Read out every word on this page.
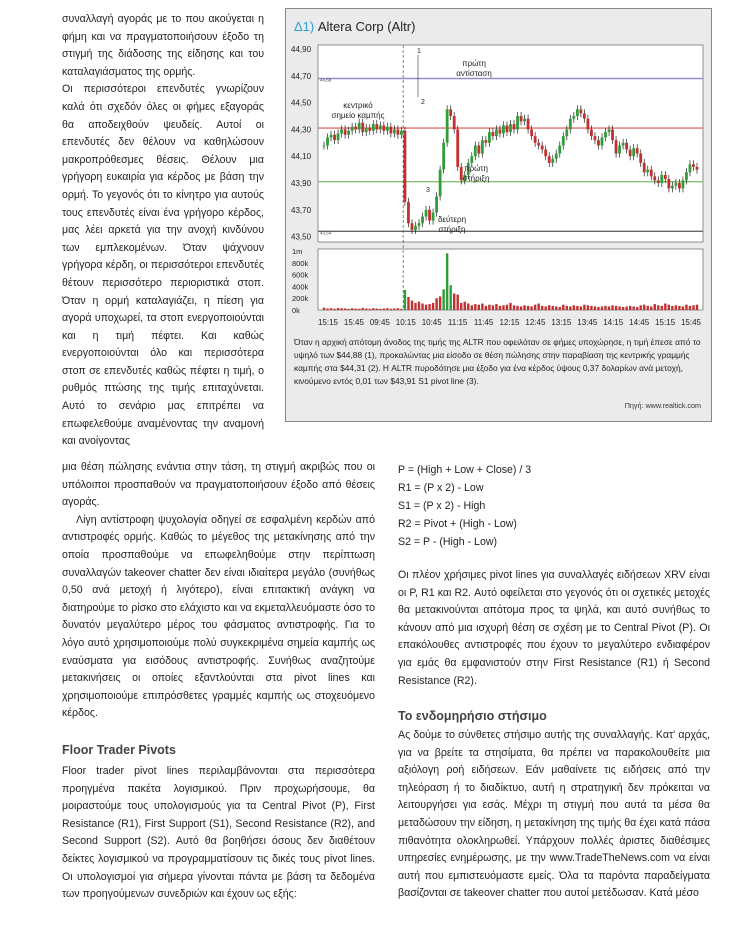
συναλλαγή αγοράς με το που ακούγεται η φήμη και να πραγματοποιήσουν έξοδο τη στιγμή της διάδοσης της είδησης και του καταλαγιάσματος της ορμής.

Οι περισσότεροι επενδυτές γνωρίζουν καλά ότι σχεδόν όλες οι φήμες εξαγοράς θα αποδειχθούν ψευδείς. Αυτοί οι επενδυτές δεν θέλουν να καθηλώσουν μακροπρόθεσμες θέσεις. Θέλουν μια γρήγορη ευκαιρία για κέρδος με βάση την ορμή. Το γεγονός ότι το κίνητρο για αυτούς τους επενδυτές είναι ένα γρήγορο κέρδος, μας λέει αρκετά για την ανοχή κινδύνου των εμπλεκομένων. Όταν ψάχνουν γρήγορα κέρδη, οι περισσότεροι επενδυτές θέτουν περισσότερο περιοριστικά στοπ. Όταν η ορμή καταλαγιάζει, η πίεση για αγορά υποχωρεί, τα στοπ ενεργοποιούνται και η τιμή πέφτει. Και καθώς ενεργοποιούνται όλο και περισσότερα στοπ σε επενδυτές καθώς πέφτει η τιμή, ο ρυθμός πτώσης της τιμής επιταχύνεται. Αυτό το σενάριο μας επιτρέπει να επωφελεθούμε αναμένοντας την αναμονή και ανοίγοντας

μια θέση πώλησης ενάντια στην τάση, τη στιγμή ακριβώς που οι υπόλοιποι προσπαθούν να πραγματοποιήσουν έξοδο από θέσεις αγοράς.

Λίγη αντίστροφη ψυχολογία οδηγεί σε εσφαλμένη κερδών από αντιστροφές ορμής. Καθώς το μέγεθος της μετακίνησης από την οποία προσπαθούμε να επωφεληθούμε στην περίπτωση συναλλαγών takeover chatter δεν είναι ιδιαίτερα μεγάλο (συνήθως 0,50 ανά μετοχή ή λιγότερο), είναι επιτακτική ανάγκη να διατηρούμε το ρίσκο στο ελάχιστο και να εκμεταλλευόμαστε όσο το δυνατόν μεγαλύτερο μέρος του φάσματος αντιστροφής. Για το λόγο αυτό χρησιμοποιούμε πολύ συγκεκριμένα σημεία καμπής ως εναύσματα για εισόδους αντιστροφής. Συνήθως αναζητούμε μετακινήσεις οι οποίες εξαντλούνται στα pivot lines και χρησιμοποιούμε επιπρόσθετες γραμμές καμπής ως στοχευόμενο κέρδος.

Floor Trader Pivots
Floor trader pivot lines περιλαμβάνονται στα περισσότερα προηγμένα πακέτα λογισμικού. Πριν προχωρήσουμε, θα μοιραστούμε τους υπολογισμούς για τα Central Pivot (P), First Resistance (R1), First Support (S1), Second Resistance (R2), and Second Support (S2). Αυτό θα βοηθήσει όσους δεν διαθέτουν δείκτες λογισμικού να προγραμματίσουν τις δικές τους pivot lines. Οι υπολογισμοί για σήμερα γίνονται πάντα με βάση τα δεδομένα των προηγούμενων συνεδριών και έχουν ως εξής:
P = (High + Low + Close) / 3
R1 = (P x 2) - Low
S1 = (P x 2) - High
R2 = Pivot + (High - Low)
S2 = P - (High - Low)
Οι πλέον χρήσιμες pivot lines για συναλλαγές ειδήσεων XRV είναι οι P, R1 και R2. Αυτό οφείλεται στο γεγονός ότι οι σχετικές μετοχές θα μετακινούνται απότομα προς τα ψηλά, και αυτό συνήθως το κάνουν από μια ισχυρή θέση σε σχέση με το Central Pivot (P). Οι επακόλουθες αντιστροφές που έχουν το μεγαλύτερο ενδιαφέρον για εμάς θα εμφανιστούν στην First Resistance (R1) ή Second Resistance (R2).
Το ενδομηρήσιο στήσιμο
Ας δούμε το σύνθετες στήσιμο αυτής της συναλλαγής. Κατ' αρχάς, για να βρείτε τα στησίματα, θα πρέπει να παρακολουθείτε μια αξιόλογη ροή ειδήσεων. Εάν μαθαίνετε τις ειδήσεις από την τηλεόραση ή το διαδίκτυο, αυτή η στρατηγική δεν πρόκειται να λειτουργήσει για εσάς. Μέχρι τη στιγμή που αυτά τα μέσα θα μεταδώσουν την είδηση, η μετακίνηση της τιμής θα έχει κατά πάσα πιθανότητα ολοκληρωθεί. Υπάρχουν πολλές άριστες διαθέσιμες υπηρεσίες ενημέρωσης, με την www.TradeTheNews.com να είναι αυτή που εμπιστευόμαστε εμείς. Όλα τα παρόντα παραδείγματα βασίζονται σε takeover chatter που αυτοί μετέδωσαν. Κατά μέσο
Δ1) Altera Corp (Altr)
44,90
44,70
44,50
44,30
44,10
43,90
43,70
43,50
44,68
43,54
πρώτη
αντίσταση
κεντρικό
σημείο καμπής
πρώτη
στήριξη
δεύτερη
στήριξη
1
2
3
1m
800k
600k
400k
200k
0k
15:15 15:45 09:45 10:15 10:45 11:15 11:45 12:15 12:45 13:15 13:45 14:15 14:45 15:15 15:45
Όταν η αρχική απότομη άνοδος της τιμής της ALTR που οφειλόταν σε φήμες υποχώρησε, η τιμή έπεσε από το υψηλό των $44,88 (1), προκαλώντας μια είσοδο σε θέση πώλησης στην παραβίαση της κεντρικής γραμμής καμπής στα $44,31 (2). Η ALTR πυροδότησε μια έξοδο για ένα κέρδος ύψους 0,37 δολαρίων ανά μετοχή, κινούμενο εντός 0,01 των $43,91 S1 pivot line (3).
Πηγή: www.realtick.com
